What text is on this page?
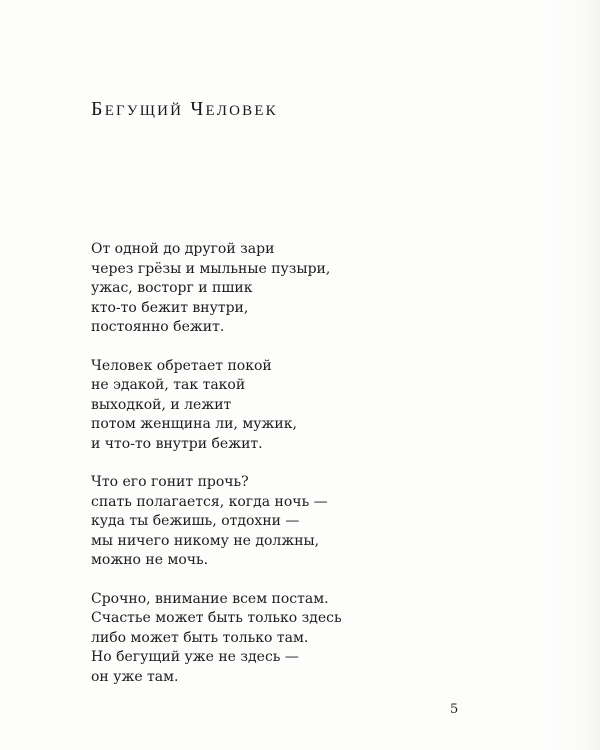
БЕГУЩИЙ ЧЕЛОВЕК
От одной до другой зари
через грёзы и мыльные пузыри,
ужас, восторг и пшик
кто-то бежит внутри,
постоянно бежит.
Человек обретает покой
не эдакой, так такой
выходкой, и лежит
потом женщина ли, мужик,
и что-то внутри бежит.
Что его гонит прочь?
спать полагается, когда ночь —
куда ты бежишь, отдохни —
мы ничего никому не должны,
можно не мочь.
Срочно, внимание всем постам.
Счастье может быть только здесь
либо может быть только там.
Но бегущий уже не здесь —
он уже там.
5
